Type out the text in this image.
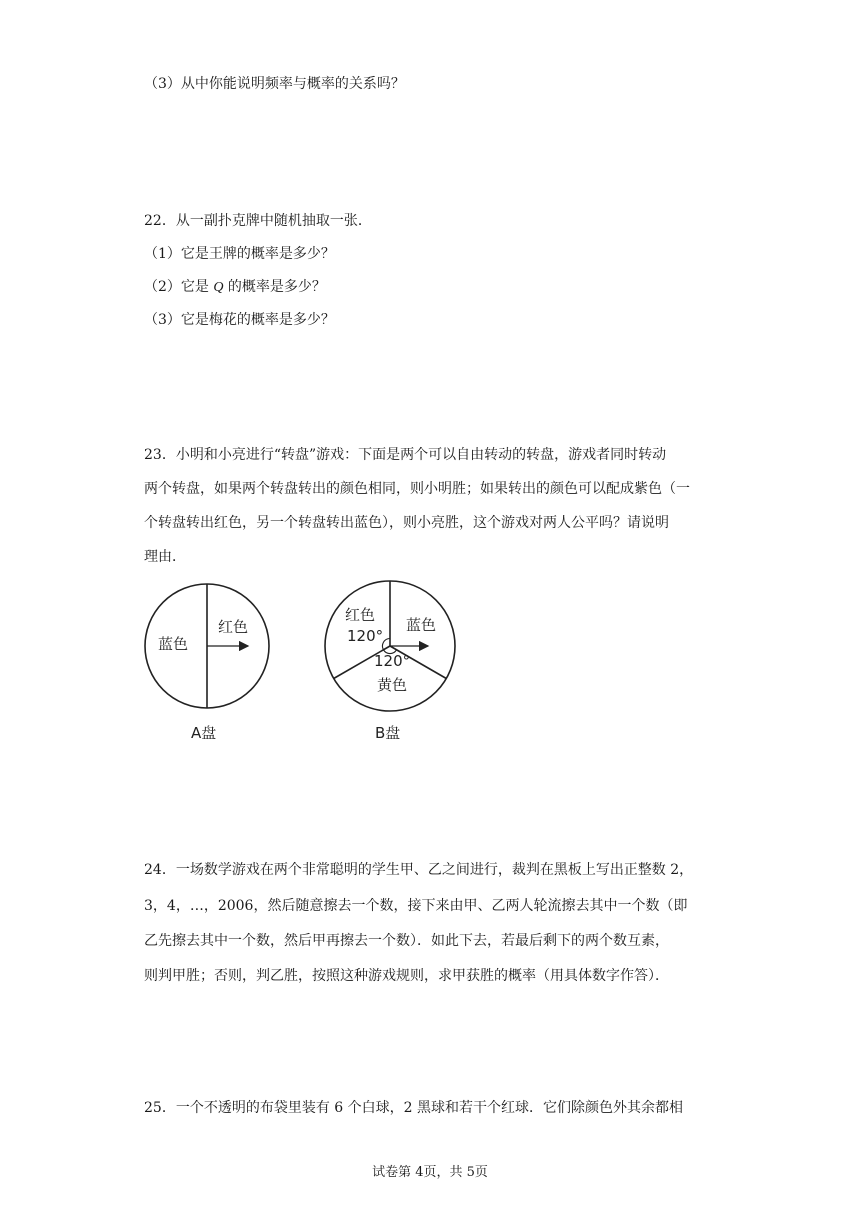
（3）从中你能说明频率与概率的关系吗？
22．从一副扑克牌中随机抽取一张．
（1）它是王牌的概率是多少？
（2）它是 Q 的概率是多少？
（3）它是梅花的概率是多少？
23．小明和小亮进行“转盘”游戏：下面是两个可以自由转动的转盘，游戏者同时转动
两个转盘，如果两个转盘转出的颜色相同，则小明胜；如果转出的颜色可以配成紫色（一
个转盘转出红色，另一个转盘转出蓝色），则小亮胜，这个游戏对两人公平吗？请说明
理由．
蓝色
红色
A盘
红色
120°
蓝色
120°
黄色
B盘
24．一场数学游戏在两个非常聪明的学生甲、乙之间进行，裁判在黑板上写出正整数 2，
3，4，…，2006，然后随意擦去一个数，接下来由甲、乙两人轮流擦去其中一个数（即
乙先擦去其中一个数，然后甲再擦去一个数）．如此下去，若最后剩下的两个数互素，
则判甲胜；否则，判乙胜，按照这种游戏规则，求甲获胜的概率（用具体数字作答）．
25．一个不透明的布袋里装有 6 个白球，2 黑球和若干个红球．它们除颜色外其余都相
试卷第 4页，共 5页
